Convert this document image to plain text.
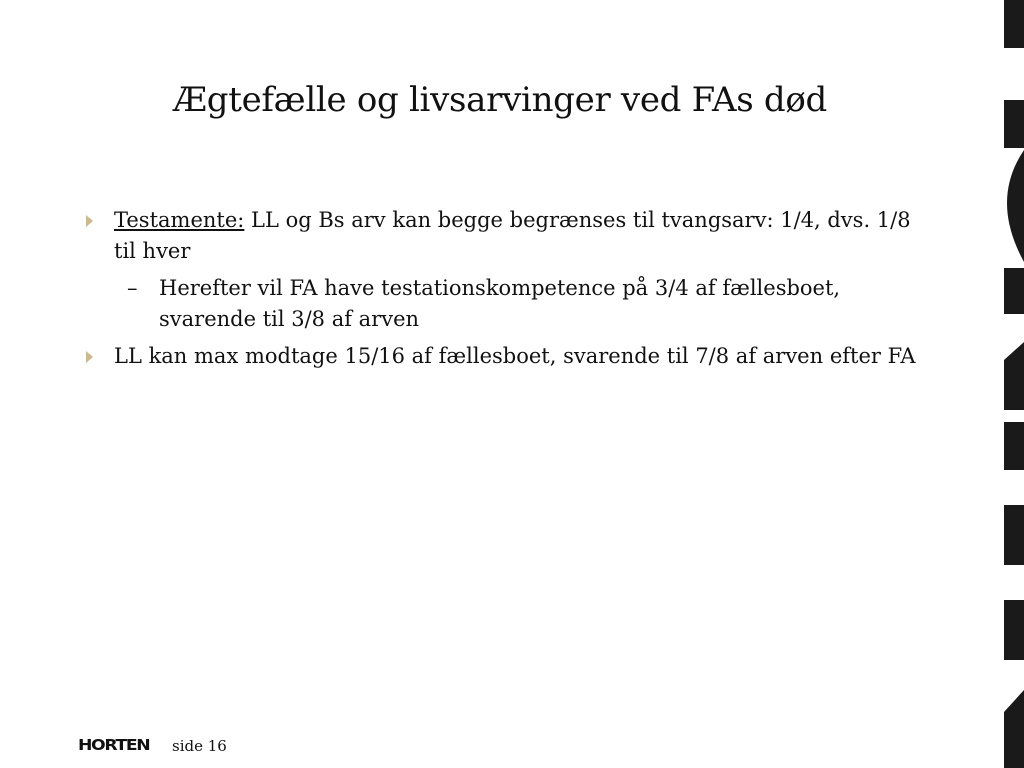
Ægtefælle og livsarvinger ved FAs død
Testamente: LL og Bs arv kan begge begrænses til tvangsarv: 1/4, dvs. 1/8 til hver
– Herefter vil FA have testationskompetence på 3/4 af fællesboet, svarende til 3/8 af arven
LL kan max modtage 15/16 af fællesboet, svarende til 7/8 af arven efter FA
HORTEN side 16
